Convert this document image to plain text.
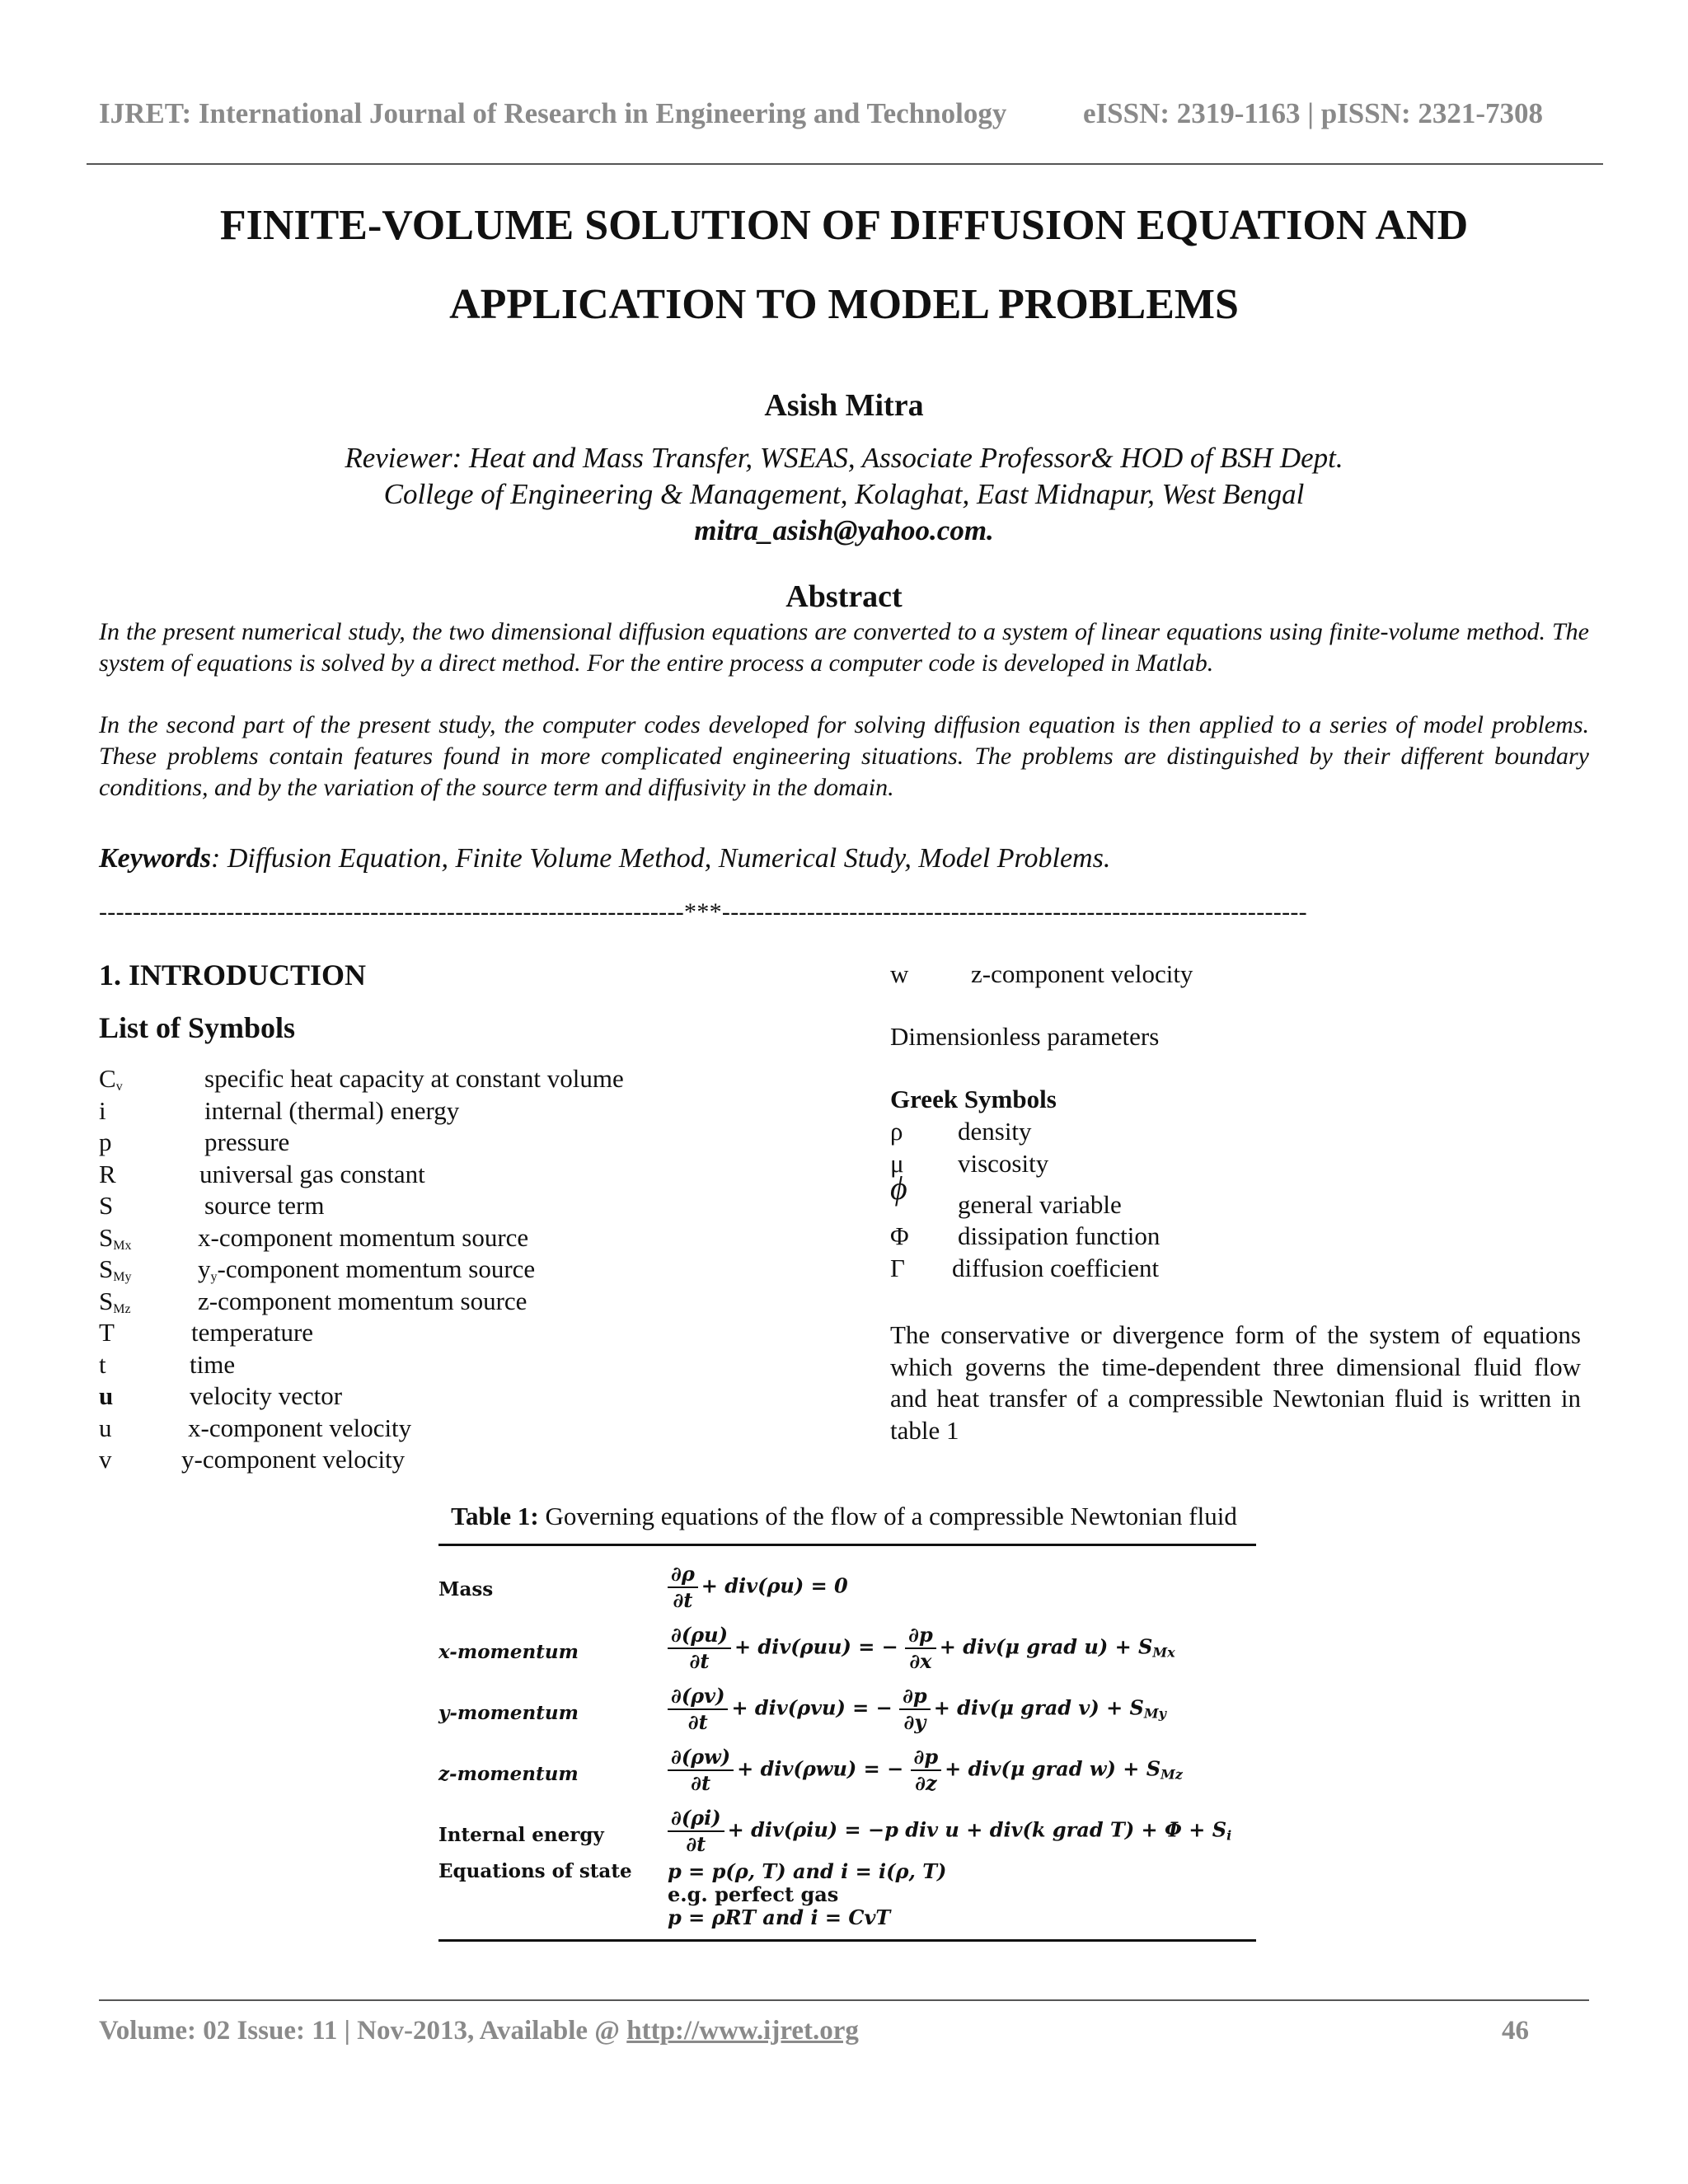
IJRET: International Journal of Research in Engineering and Technology	eISSN: 2319-1163 | pISSN: 2321-7308
FINITE-VOLUME SOLUTION OF DIFFUSION EQUATION AND
APPLICATION TO MODEL PROBLEMS
Asish Mitra
Reviewer: Heat and Mass Transfer, WSEAS, Associate Professor& HOD of BSH Dept.
College of Engineering & Management, Kolaghat, East Midnapur, West Bengal
mitra_asish@yahoo.com.
Abstract
In the present numerical study, the two dimensional diffusion equations are converted to a system of linear equations using finite-volume method. The system of equations is solved by a direct method. For the entire process a computer code is developed in Matlab.
In the second part of the present study, the computer codes developed for solving diffusion equation is then applied to a series of model problems. These problems contain features found in more complicated engineering situations. The problems are distinguished by their different boundary conditions, and by the variation of the source term and diffusivity in the domain.
Keywords: Diffusion Equation, Finite Volume Method, Numerical Study, Model Problems.
---------------------------------------------------------------------***---------------------------------------------------------------------
1. INTRODUCTION
List of Symbols
$C_v$	specific heat capacity at constant volume
i	internal (thermal) energy
p	pressure
R	universal gas constant
S	source term
$S_{Mx}$	x-component momentum source
$S_{My}$	$y_y$-component momentum source
$S_{Mz}$	z-component momentum source
T	temperature
t	time
u	velocity vector
u	x-component velocity
v	y-component velocity
w z-component velocity
Dimensionless parameters
Greek Symbols
ρ density
μ viscosity
ϕ general variable
Φ dissipation function
Γ diffusion coefficient
The conservative or divergence form of the system of equations which governs the time-dependent three dimensional fluid flow and heat transfer of a compressible Newtonian fluid is written in table 1
Table 1: Governing equations of the flow of a compressible Newtonian fluid
Mass	$\frac{\partial\rho}{\partial t} + div(\rho u) = 0$
x-momentum	$\frac{\partial(\rho u)}{\partial t} + div(\rho uu)$ = − $\frac{\partial p}{\partial x} + div(\mu$ grad $u) + S_{Mx}$
y-momentum	$\frac{\partial(\rho v)}{\partial t} + div(\rho vu)$ = − $\frac{\partial p}{\partial y} + div(\mu$ grad $v) + S_{My}$
z-momentum	$\frac{\partial(\rho w)}{\partial t} + div(\rho wu)$ = − $\frac{\partial p}{\partial z} + div(\mu$ grad $w) + S_{Mz}$
Internal energy	$\frac{\partial(\rho i)}{\partial t} + div(\rho iu) = -p$ div u + div(k grad $T) + \Phi + S_i$
Equations of state p = p(ρ, T) and i = i(ρ, T)
e.g. perfect gas
p = ρRT and i = CvT
Volume: 02 Issue: 11 | Nov-2013, Available @ http://www.ijret.org	46
